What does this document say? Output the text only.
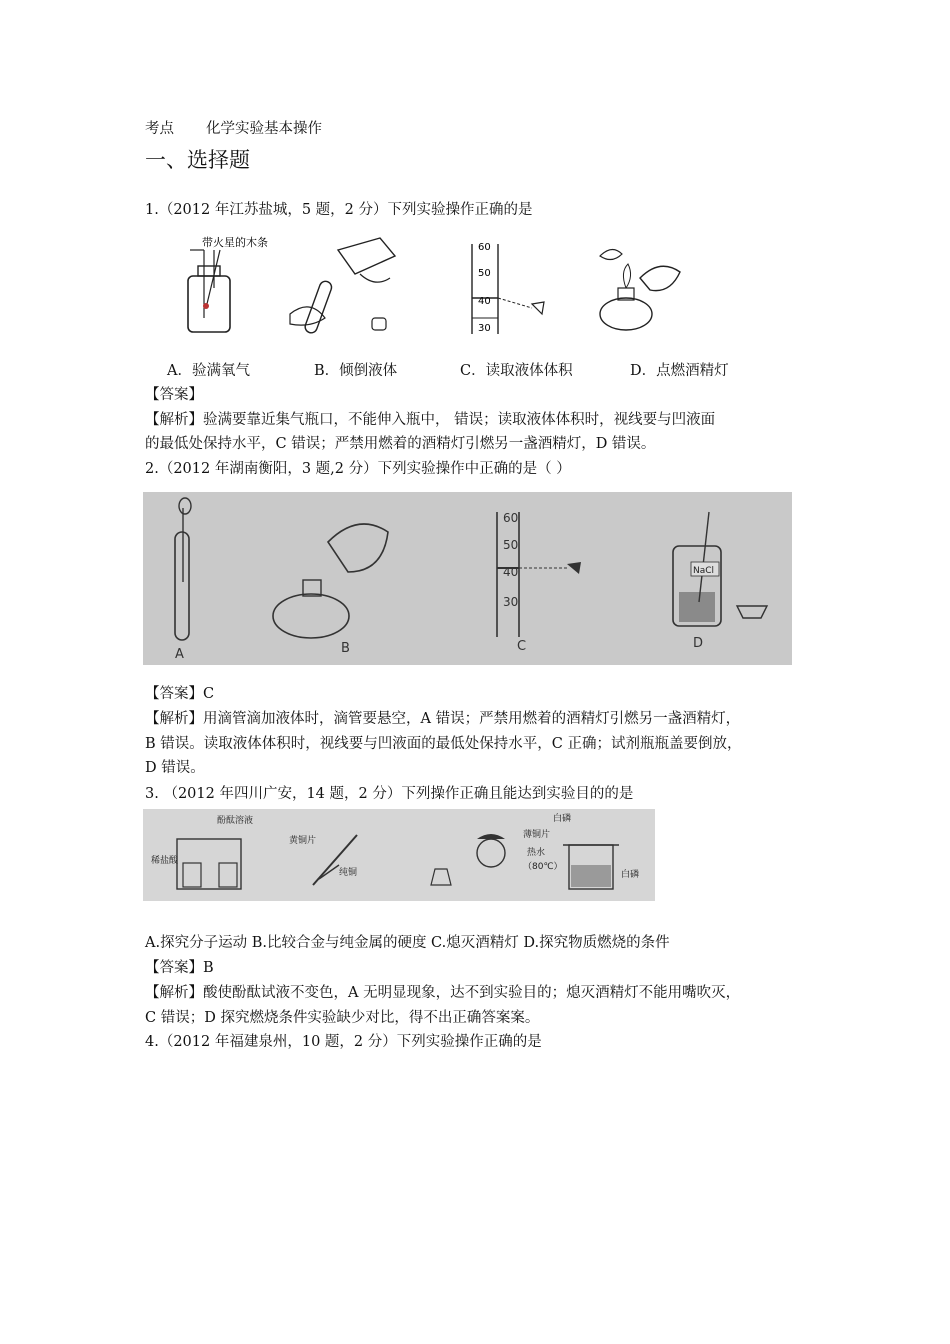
考点 化学实验基本操作
一、选择题
1.（2012 年江苏盐城，5 题，2 分）下列实验操作正确的是
带火星的木条	60
50
40
30
A．验满氧气	B．倾倒液体	C．读取液体体积	D．点燃酒精灯
【答案】
【解析】验满要靠近集气瓶口，不能伸入瓶中， 错误；读取液体体积时，视线要与凹液面
的最低处保持水平，C 错误；严禁用燃着的酒精灯引燃另一盏酒精灯，D 错误。
2.（2012 年湖南衡阳，3 题,2 分）下列实验操作中正确的是（ ）
A	B
60
50
40
30
C
NaCl
D
【答案】C
【解析】用滴管滴加液体时，滴管要悬空，A 错误；严禁用燃着的酒精灯引燃另一盏酒精灯，
B 错误。读取液体体积时，视线要与凹液面的最低处保持水平，C 正确；试剂瓶瓶盖要倒放，
D 错误。
3. （2012 年四川广安，14 题，2 分）下列操作正确且能达到实验目的的是
稀盐酸
酚酞溶液
黄铜片
纯铜
白磷
薄铜片
热水
（80℃）
白磷
A.探究分子运动 B.比较合金与纯金属的硬度 C.熄灭酒精灯 D.探究物质燃烧的条件
【答案】B
【解析】酸使酚酞试液不变色，A 无明显现象，达不到实验目的；熄灭酒精灯不能用嘴吹灭，
C 错误；D 探究燃烧条件实验缺少对比，得不出正确答案案。
4.（2012 年福建泉州，10 题，2 分）下列实验操作正确的是
